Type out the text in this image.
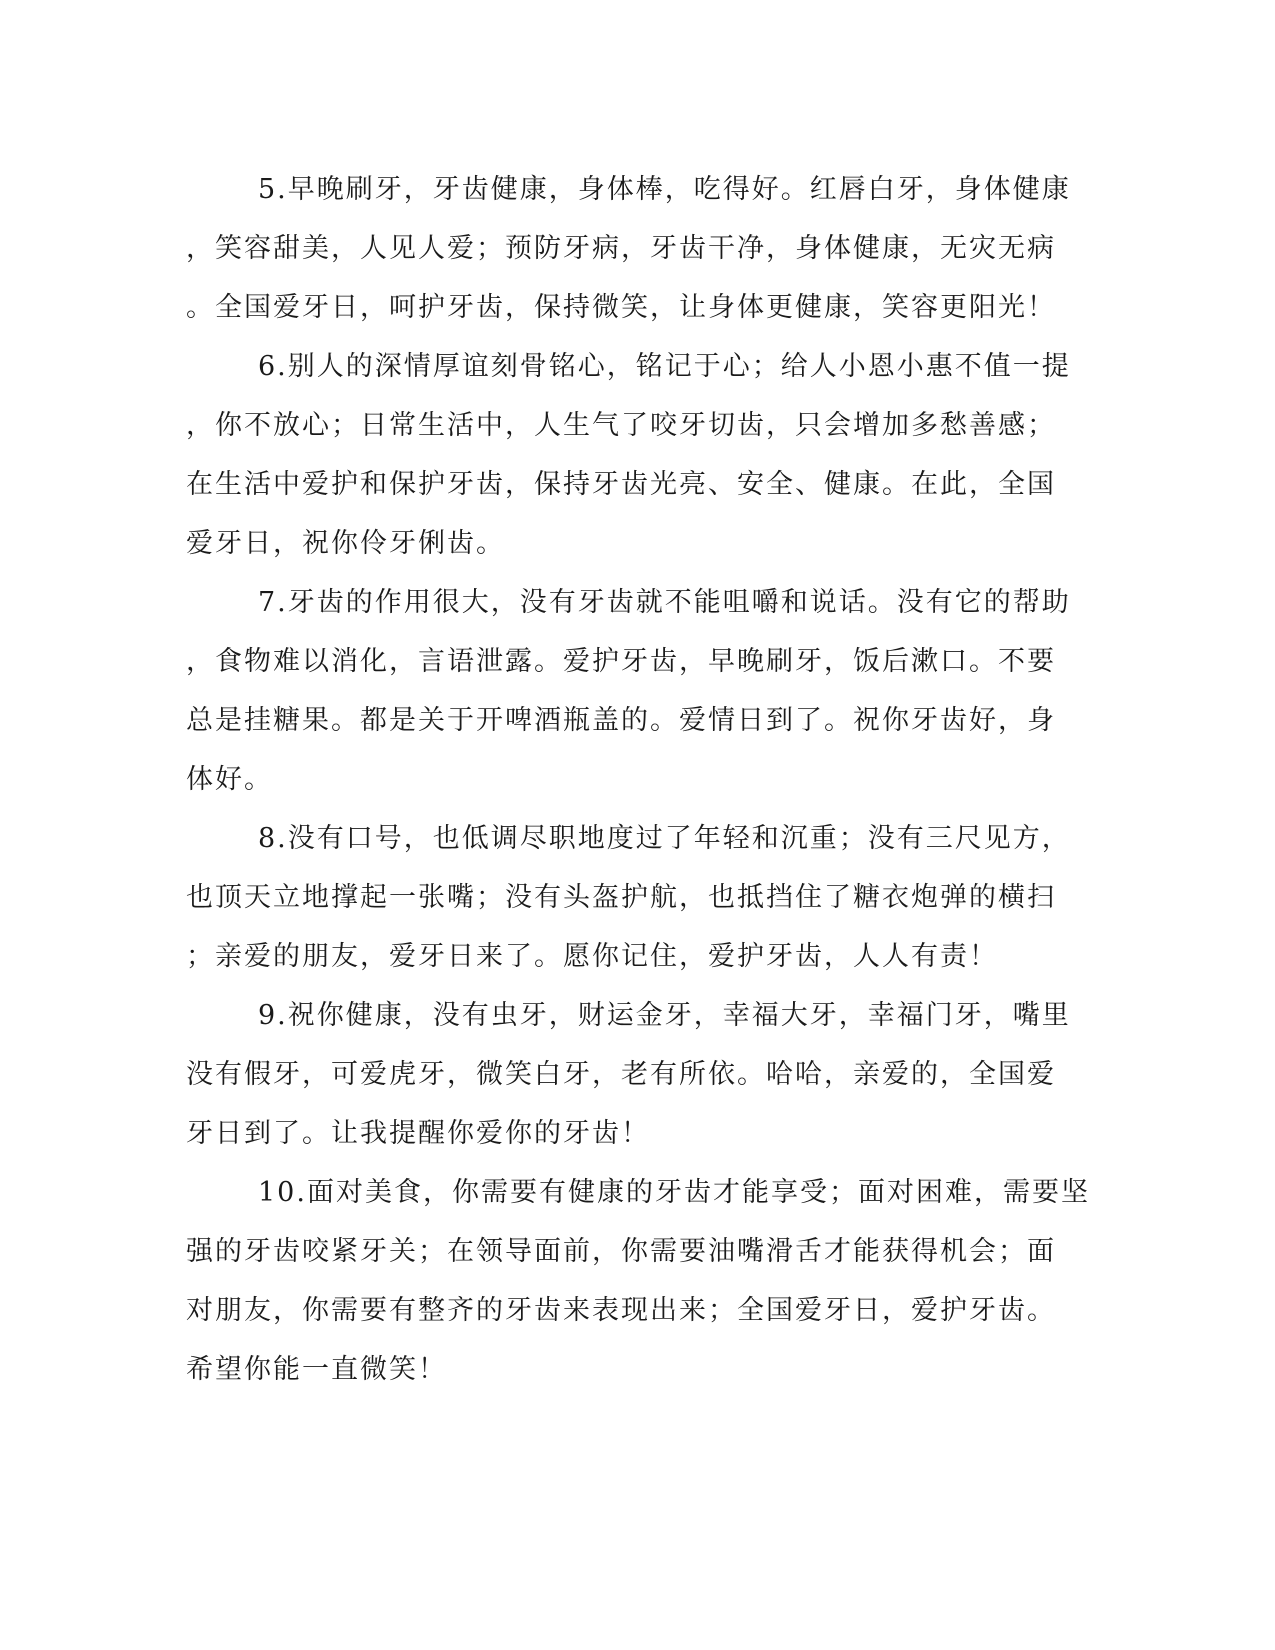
5.早晚刷牙，牙齿健康，身体棒，吃得好。红唇白牙，身体健康
，笑容甜美，人见人爱；预防牙病，牙齿干净，身体健康，无灾无病
。全国爱牙日，呵护牙齿，保持微笑，让身体更健康，笑容更阳光！
6.别人的深情厚谊刻骨铭心，铭记于心；给人小恩小惠不值一提
，你不放心；日常生活中，人生气了咬牙切齿，只会增加多愁善感；
在生活中爱护和保护牙齿，保持牙齿光亮、安全、健康。在此，全国
爱牙日，祝你伶牙俐齿。
7.牙齿的作用很大，没有牙齿就不能咀嚼和说话。没有它的帮助
，食物难以消化，言语泄露。爱护牙齿，早晚刷牙，饭后漱口。不要
总是挂糖果。都是关于开啤酒瓶盖的。爱情日到了。祝你牙齿好，身
体好。
8.没有口号，也低调尽职地度过了年轻和沉重；没有三尺见方，
也顶天立地撑起一张嘴；没有头盔护航，也抵挡住了糖衣炮弹的横扫
；亲爱的朋友，爱牙日来了。愿你记住，爱护牙齿，人人有责！
9.祝你健康，没有虫牙，财运金牙，幸福大牙，幸福门牙，嘴里
没有假牙，可爱虎牙，微笑白牙，老有所依。哈哈，亲爱的，全国爱
牙日到了。让我提醒你爱你的牙齿！
10.面对美食，你需要有健康的牙齿才能享受；面对困难，需要坚
强的牙齿咬紧牙关；在领导面前，你需要油嘴滑舌才能获得机会；面
对朋友，你需要有整齐的牙齿来表现出来；全国爱牙日，爱护牙齿。
希望你能一直微笑！
